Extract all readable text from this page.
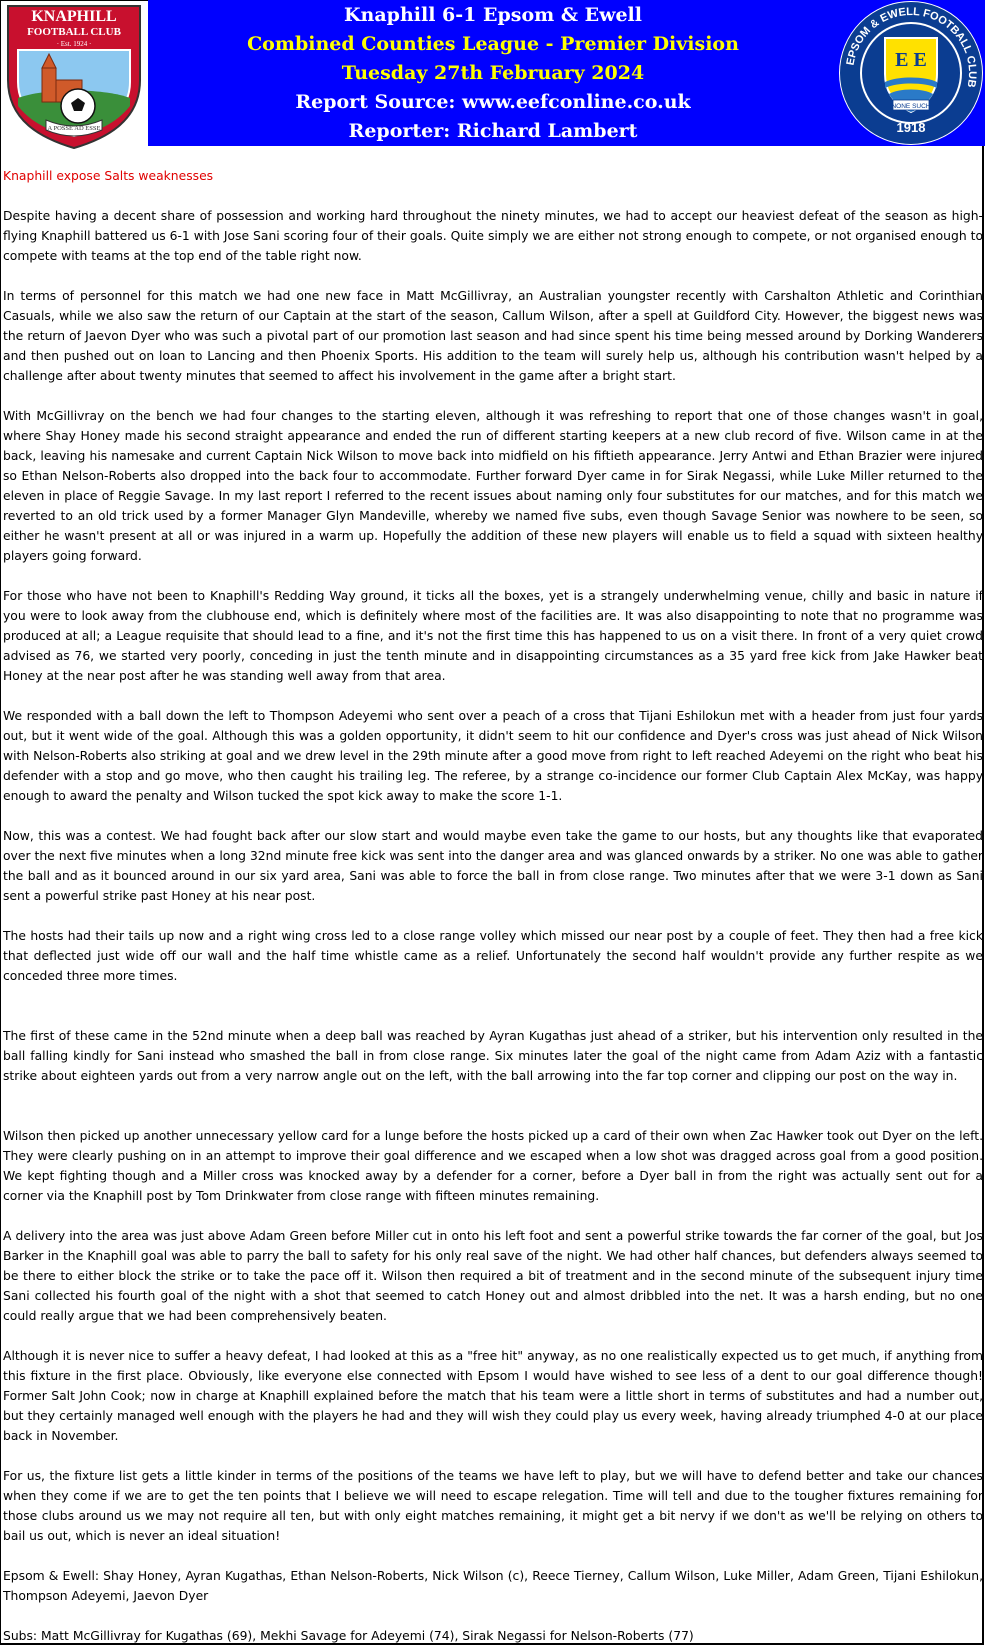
Knaphill 6-1 Epsom & Ewell
Combined Counties League - Premier Division
Tuesday 27th February 2024
Report Source: www.eefconline.co.uk
Reporter: Richard Lambert
KNAPHILL
FOOTBALL CLUB
· Est. 1924 ·
A POSSE AD ESSE
EPSOM & EWELL FOOTBALL CLUB
E E
NONE SUCH
1918

Knaphill expose Salts weaknesses

Despite having a decent share of possession and working hard throughout the ninety minutes, we had to accept our heaviest defeat of the season as high-flying Knaphill battered us 6-1 with Jose Sani scoring four of their goals. Quite simply we are either not strong enough to compete, or not organised enough to compete with teams at the top end of the table right now.

In terms of personnel for this match we had one new face in Matt McGillivray, an Australian youngster recently with Carshalton Athletic and Corinthian Casuals, while we also saw the return of our Captain at the start of the season, Callum Wilson, after a spell at Guildford City. However, the biggest news was the return of Jaevon Dyer who was such a pivotal part of our promotion last season and had since spent his time being messed around by Dorking Wanderers and then pushed out on loan to Lancing and then Phoenix Sports. His addition to the team will surely help us, although his contribution wasn't helped by a challenge after about twenty minutes that seemed to affect his involvement in the game after a bright start.

With McGillivray on the bench we had four changes to the starting eleven, although it was refreshing to report that one of those changes wasn't in goal, where Shay Honey made his second straight appearance and ended the run of different starting keepers at a new club record of five. Wilson came in at the back, leaving his namesake and current Captain Nick Wilson to move back into midfield on his fiftieth appearance. Jerry Antwi and Ethan Brazier were injured so Ethan Nelson-Roberts also dropped into the back four to accommodate. Further forward Dyer came in for Sirak Negassi, while Luke Miller returned to the eleven in place of Reggie Savage. In my last report I referred to the recent issues about naming only four substitutes for our matches, and for this match we reverted to an old trick used by a former Manager Glyn Mandeville, whereby we named five subs, even though Savage Senior was nowhere to be seen, so either he wasn't present at all or was injured in a warm up. Hopefully the addition of these new players will enable us to field a squad with sixteen healthy players going forward.

For those who have not been to Knaphill's Redding Way ground, it ticks all the boxes, yet is a strangely underwhelming venue, chilly and basic in nature if you were to look away from the clubhouse end, which is definitely where most of the facilities are. It was also disappointing to note that no programme was produced at all; a League requisite that should lead to a fine, and it's not the first time this has happened to us on a visit there. In front of a very quiet crowd advised as 76, we started very poorly, conceding in just the tenth minute and in disappointing circumstances as a 35 yard free kick from Jake Hawker beat Honey at the near post after he was standing well away from that area.

We responded with a ball down the left to Thompson Adeyemi who sent over a peach of a cross that Tijani Eshilokun met with a header from just four yards out, but it went wide of the goal. Although this was a golden opportunity, it didn't seem to hit our confidence and Dyer's cross was just ahead of Nick Wilson with Nelson-Roberts also striking at goal and we drew level in the 29th minute after a good move from right to left reached Adeyemi on the right who beat his defender with a stop and go move, who then caught his trailing leg. The referee, by a strange co-incidence our former Club Captain Alex McKay, was happy enough to award the penalty and Wilson tucked the spot kick away to make the score 1-1.

Now, this was a contest. We had fought back after our slow start and would maybe even take the game to our hosts, but any thoughts like that evaporated over the next five minutes when a long 32nd minute free kick was sent into the danger area and was glanced onwards by a striker. No one was able to gather the ball and as it bounced around in our six yard area, Sani was able to force the ball in from close range. Two minutes after that we were 3-1 down as Sani sent a powerful strike past Honey at his near post.

The hosts had their tails up now and a right wing cross led to a close range volley which missed our near post by a couple of feet. They then had a free kick that deflected just wide off our wall and the half time whistle came as a relief. Unfortunately the second half wouldn't provide any further respite as we conceded three more times.

The first of these came in the 52nd minute when a deep ball was reached by Ayran Kugathas just ahead of a striker, but his intervention only resulted in the ball falling kindly for Sani instead who smashed the ball in from close range. Six minutes later the goal of the night came from Adam Aziz with a fantastic strike about eighteen yards out from a very narrow angle out on the left, with the ball arrowing into the far top corner and clipping our post on the way in.

Wilson then picked up another unnecessary yellow card for a lunge before the hosts picked up a card of their own when Zac Hawker took out Dyer on the left. They were clearly pushing on in an attempt to improve their goal difference and we escaped when a low shot was dragged across goal from a good position. We kept fighting though and a Miller cross was knocked away by a defender for a corner, before a Dyer ball in from the right was actually sent out for a corner via the Knaphill post by Tom Drinkwater from close range with fifteen minutes remaining.

A delivery into the area was just above Adam Green before Miller cut in onto his left foot and sent a powerful strike towards the far corner of the goal, but Jos Barker in the Knaphill goal was able to parry the ball to safety for his only real save of the night. We had other half chances, but defenders always seemed to be there to either block the strike or to take the pace off it. Wilson then required a bit of treatment and in the second minute of the subsequent injury time Sani collected his fourth goal of the night with a shot that seemed to catch Honey out and almost dribbled into the net. It was a harsh ending, but no one could really argue that we had been comprehensively beaten.

Although it is never nice to suffer a heavy defeat, I had looked at this as a "free hit" anyway, as no one realistically expected us to get much, if anything from this fixture in the first place. Obviously, like everyone else connected with Epsom I would have wished to see less of a dent to our goal difference though! Former Salt John Cook; now in charge at Knaphill explained before the match that his team were a little short in terms of substitutes and had a number out, but they certainly managed well enough with the players he had and they will wish they could play us every week, having already triumphed 4-0 at our place back in November.

For us, the fixture list gets a little kinder in terms of the positions of the teams we have left to play, but we will have to defend better and take our chances when they come if we are to get the ten points that I believe we will need to escape relegation. Time will tell and due to the tougher fixtures remaining for those clubs around us we may not require all ten, but with only eight matches remaining, it might get a bit nervy if we don't as we'll be relying on others to bail us out, which is never an ideal situation!

Epsom & Ewell: Shay Honey, Ayran Kugathas, Ethan Nelson-Roberts, Nick Wilson (c), Reece Tierney, Callum Wilson, Luke Miller, Adam Green, Tijani Eshilokun, Thompson Adeyemi, Jaevon Dyer

Subs: Matt McGillivray for Kugathas (69), Mekhi Savage for Adeyemi (74), Sirak Negassi for Nelson-Roberts (77)
